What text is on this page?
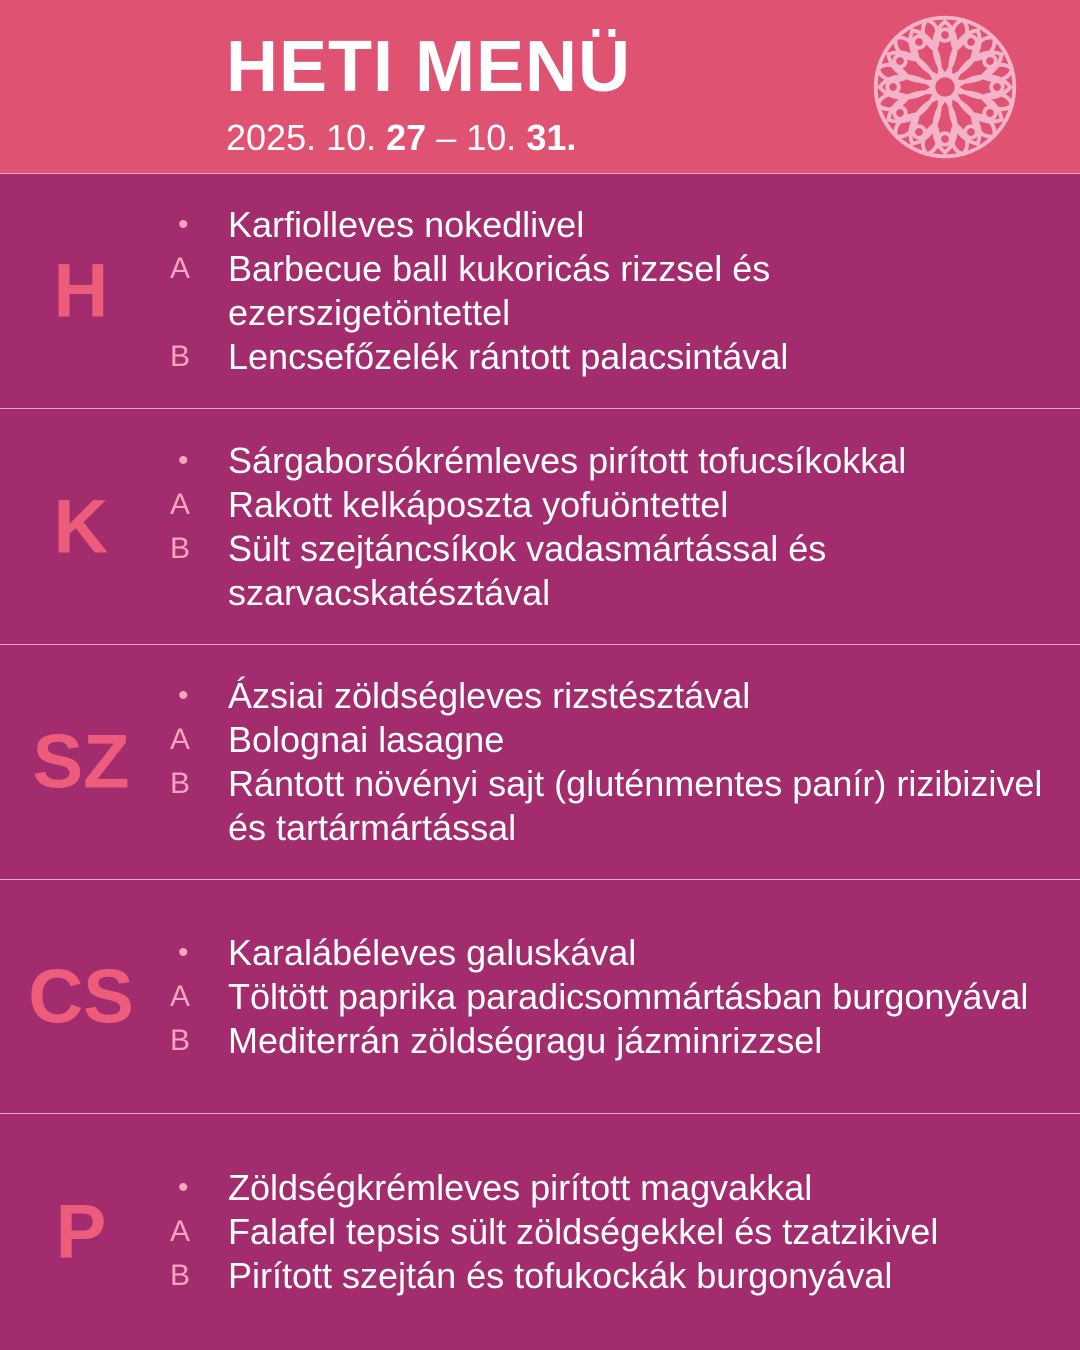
HETI MENÜ
2025. 10. 27 – 10. 31.
H
•	Karfiolleves nokedlivel
A	Barbecue ball kukoricás rizzsel és ezerszigetöntettel
B	Lencsefőzelék rántott palacsintával
K
•	Sárgaborsókrémleves pirított tofucsíkokkal
A	Rakott kelkáposzta yofuöntettel
B	Sült szejtáncsíkok vadasmártással és szarvacskatésztával
SZ
•	Ázsiai zöldségleves rizstésztával
A	Bolognai lasagne
B	Rántott növényi sajt (gluténmentes panír) rizibizivel és tartármártással
CS
•	Karalábéleves galuskával
A	Töltött paprika paradicsommártásban burgonyával
B	Mediterrán zöldségragu jázminrizzsel
P
•	Zöldségkrémleves pirított magvakkal
A	Falafel tepsis sült zöldségekkel és tzatzikivel
B	Pirított szejtán és tofukockák burgonyával
